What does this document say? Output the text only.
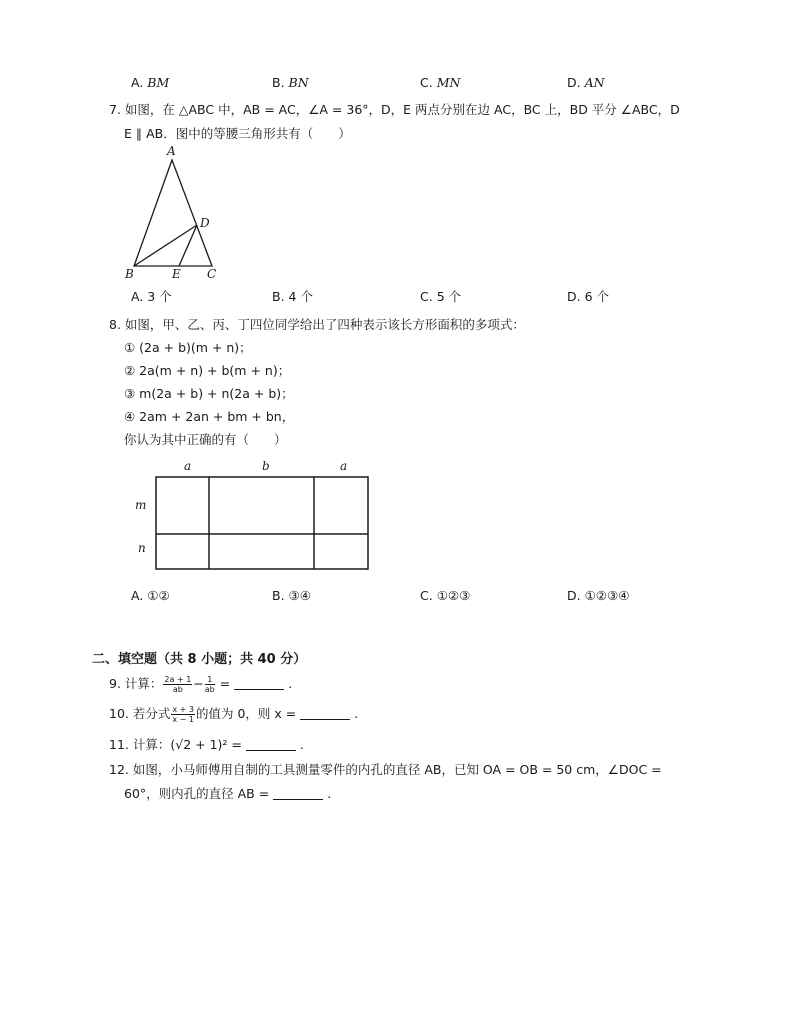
A. BM	B. BN	C. MN	D. AN
7. 如图，在 △ABC 中，AB = AC，∠A = 36°，D，E 两点分别在边 AC，BC 上，BD 平分 ∠ABC，D
E ∥ AB．图中的等腰三角形共有（　　）
A
D
B	E C
A. 3 个	B. 4 个	C. 5 个	D. 6 个
8. 如图，甲、乙、丙、丁四位同学给出了四种表示该长方形面积的多项式：
① (2a + b)(m + n)；
② 2a(m + n) + b(m + n)；
③ m(2a + b) + n(2a + b)；
④ 2am + 2an + bm + bn，
你认为其中正确的有（　　）
a	b	a
m
n
A. ①②	B. ③④	C. ①②③	D. ①②③④
二、填空题（共 8 小题；共 40 分）
9. 计算： $\frac{2a + 1}{ab} - \frac{1}{ab}$ =	.
10. 若分式 $\frac{x + 3}{x - 1}$ 的值为 0，则 x =	.
11. 计算：(√2 + 1)² =	.
12. 如图，小马师傅用自制的工具测量零件的内孔的直径 AB，已知 OA = OB = 50 cm，∠DOC =
60°，则内孔的直径 AB =	.
